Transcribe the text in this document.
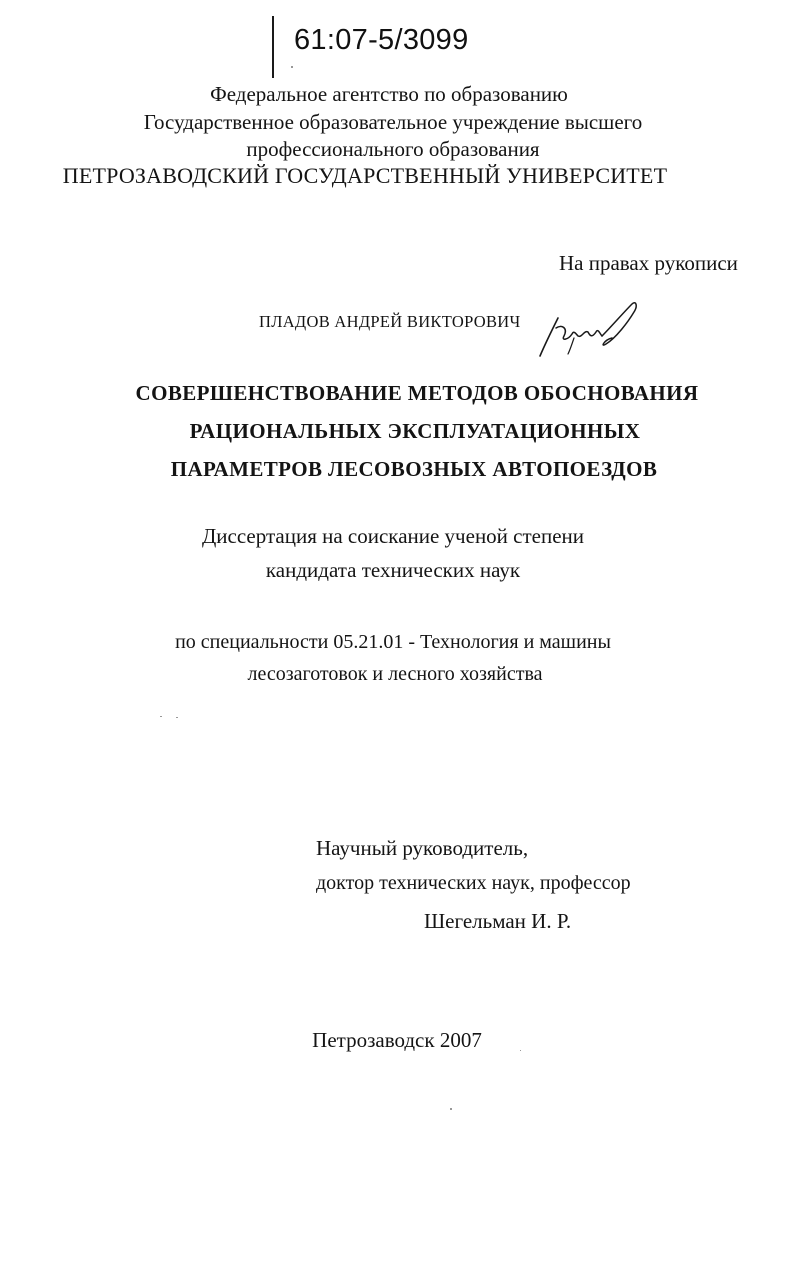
61:07-5/3099
Федеральное агентство по образованию
Государственное образовательное учреждение высшего
профессионального образования
ПЕТРОЗАВОДСКИЙ ГОСУДАРСТВЕННЫЙ УНИВЕРСИТЕТ
На правах рукописи
ПЛАДОВ АНДРЕЙ ВИКТОРОВИЧ
СОВЕРШЕНСТВОВАНИЕ МЕТОДОВ ОБОСНОВАНИЯ
РАЦИОНАЛЬНЫХ ЭКСПЛУАТАЦИОННЫХ
ПАРАМЕТРОВ ЛЕСОВОЗНЫХ АВТОПОЕЗДОВ
Диссертация на соискание ученой степени
кандидата технических наук
по специальности 05.21.01 - Технология и машины
лесозаготовок и лесного хозяйства
Научный руководитель,
доктор технических наук, профессор
Шегельман И. Р.
Петрозаводск 2007
